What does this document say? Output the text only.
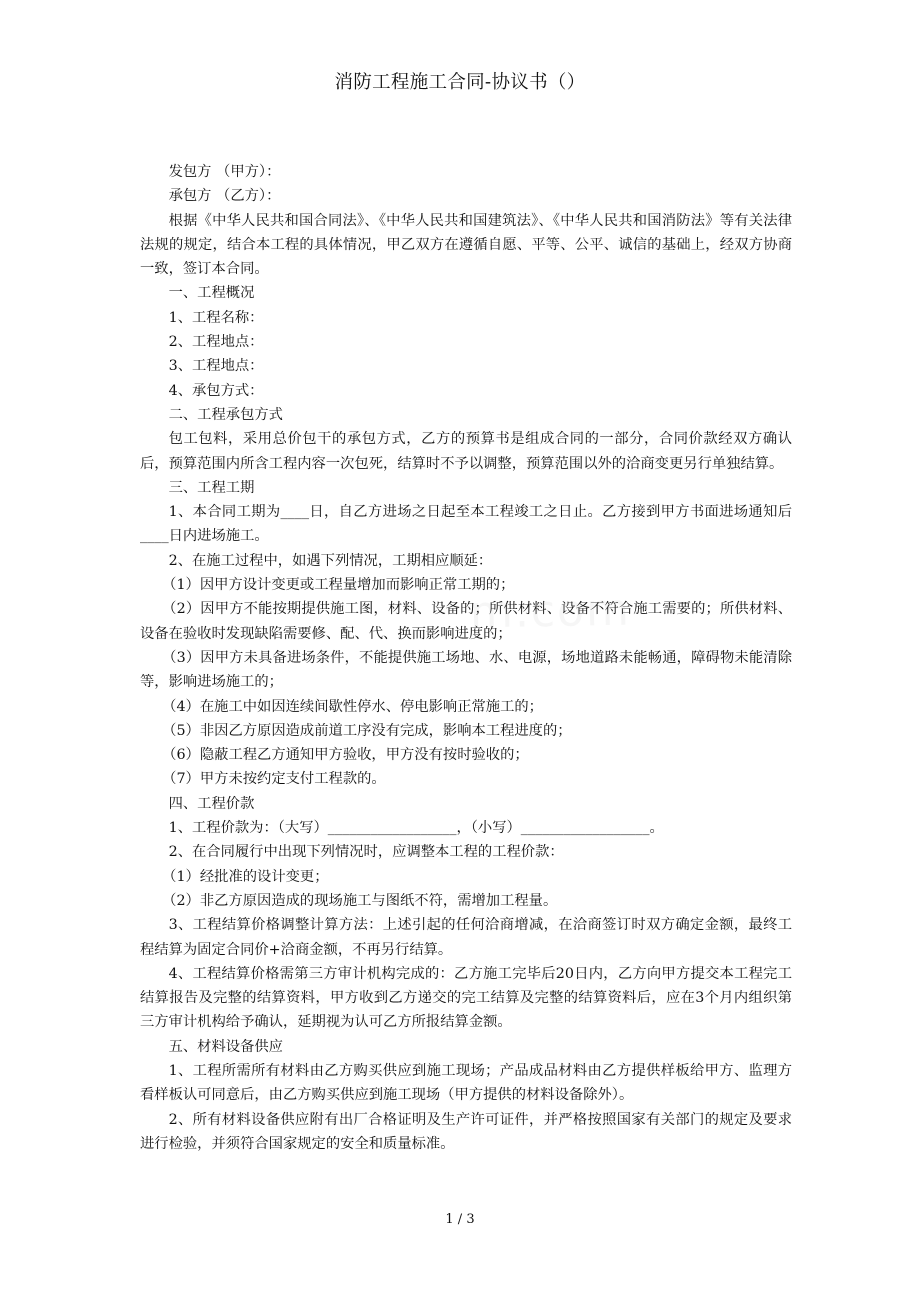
消防工程施工合同-协议书（）

发包方 （甲方）：

承包方 （乙方）：

根据《中华人民共和国合同法》、《中华人民共和国建筑法》、《中华人民共和国消防法》等有关法律法规的规定，结合本工程的具体情况，甲乙双方在遵循自愿、平等、公平、诚信的基础上，经双方协商一致，签订本合同。

一、工程概况

1、工程名称：

2、工程地点：

3、工程地点：

4、承包方式：

二、工程承包方式

包工包料，采用总价包干的承包方式，乙方的预算书是组成合同的一部分，合同价款经双方确认后，预算范围内所含工程内容一次包死，结算时不予以调整，预算范围以外的洽商变更另行单独结算。

三、工程工期

1、本合同工期为____日，自乙方进场之日起至本工程竣工之日止。乙方接到甲方书面进场通知后____日内进场施工。

2、在施工过程中，如遇下列情况，工期相应顺延：

（1）因甲方设计变更或工程量增加而影响正常工期的；

（2）因甲方不能按期提供施工图，材料、设备的；所供材料、设备不符合施工需要的；所供材料、设备在验收时发现缺陷需要修、配、代、换而影响进度的；

（3）因甲方未具备进场条件，不能提供施工场地、水、电源，场地道路未能畅通，障碍物未能清除等，影响进场施工的；

（4）在施工中如因连续间歇性停水、停电影响正常施工的；

（5）非因乙方原因造成前道工序没有完成，影响本工程进度的；

（6）隐蔽工程乙方通知甲方验收，甲方没有按时验收的；

（7）甲方未按约定支付工程款的。

四、工程价款

1、工程价款为：（大写）__________________，（小写）__________________。

2、在合同履行中出现下列情况时，应调整本工程的工程价款：

（1）经批准的设计变更；

（2）非乙方原因造成的现场施工与图纸不符，需增加工程量。

3、工程结算价格调整计算方法：上述引起的任何洽商增减，在洽商签订时双方确定金额，最终工程结算为固定合同价+洽商金额，不再另行结算。

4、工程结算价格需第三方审计机构完成的：乙方施工完毕后20日内，乙方向甲方提交本工程完工结算报告及完整的结算资料，甲方收到乙方递交的完工结算及完整的结算资料后，应在3个月内组织第三方审计机构给予确认，延期视为认可乙方所报结算金额。

五、材料设备供应

1、工程所需所有材料由乙方购买供应到施工现场；产品成品材料由乙方提供样板给甲方、监理方看样板认可同意后，由乙方购买供应到施工现场（甲方提供的材料设备除外）。

2、所有材料设备供应附有出厂合格证明及生产许可证件，并严格按照国家有关部门的规定及要求进行检验，并须符合国家规定的安全和质量标准。

m.com
1 / 3
